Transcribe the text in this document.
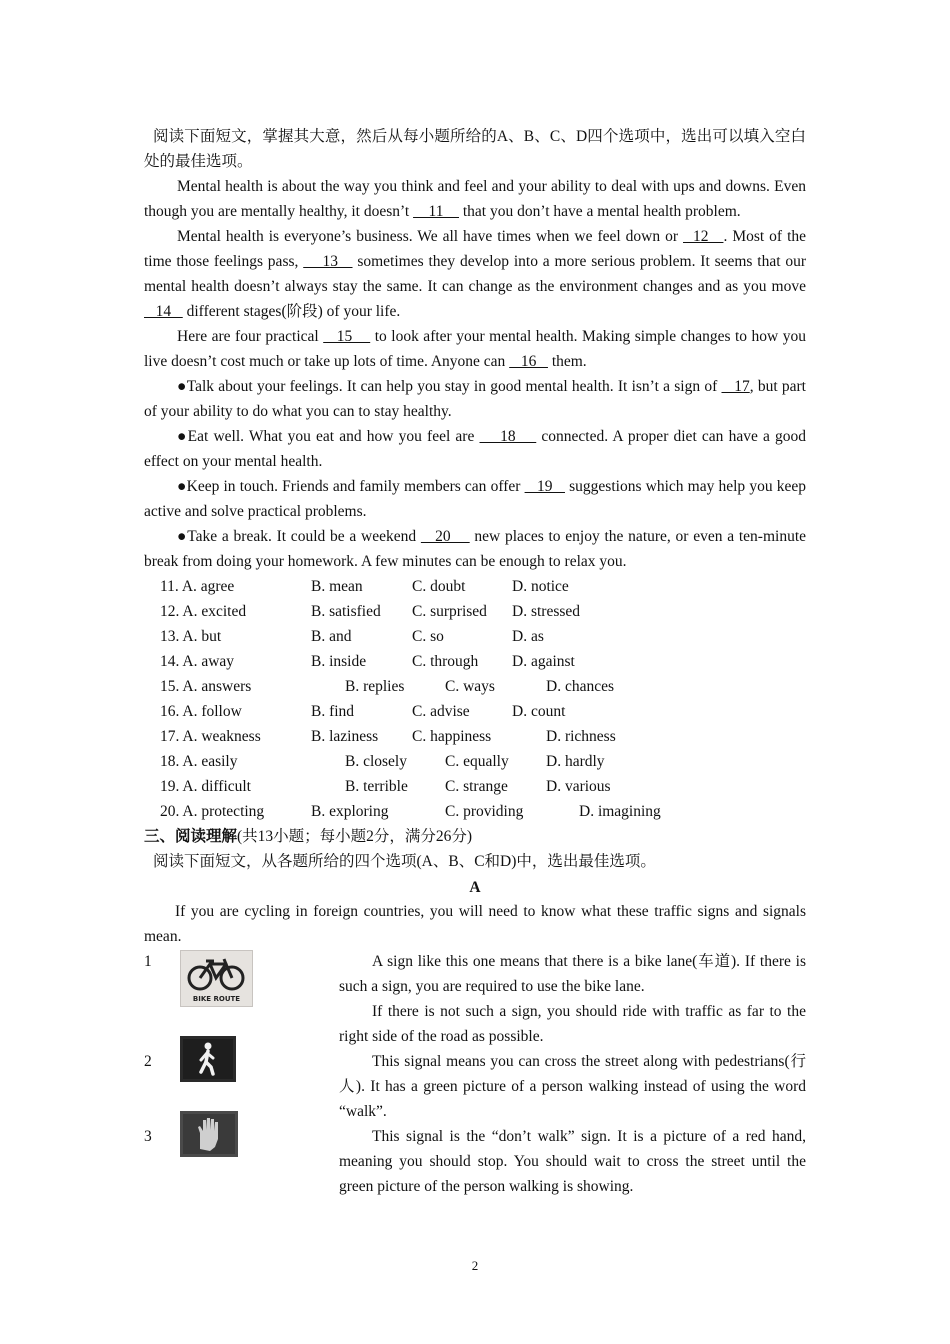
阅读下面短文，掌握其大意，然后从每小题所给的A、B、C、D四个选项中，选出可以填入空白处的最佳选项。

Mental health is about the way you think and feel and your ability to deal with ups and downs. Even though you are mentally healthy, it doesn’t     11     that you don’t have a mental health problem.

Mental health is everyone’s business. We all have times when we feel down or   12   . Most of the time those feelings pass,     13    sometimes they develop into a more serious problem. It seems that our mental health doesn’t always stay the same. It can change as the environment changes and as you move    14    different stages(阶段) of your life.

Here are four practical    15     to look after your mental health. Making simple changes to how you live doesn’t cost much or take up lots of time. Anyone can    16    them.

●Talk about your feelings. It can help you stay in good mental health. It isn’t a sign of    17, but part of your ability to do what you can to stay healthy.

●Eat well. What you eat and how you feel are     18     connected. A proper diet can have a good effect on your mental health.

●Keep in touch. Friends and family members can offer    19    suggestions which may help you keep active and solve practical problems.

●Take a break. It could be a weekend    20     new places to enjoy the nature, or even a ten-minute break from doing your homework. A few minutes can be enough to relax you.

11. A. agree	B. mean	C. doubt	D. notice
12. A. excited	B. satisfied C. surprised D. stressed
13. A. but	B. and	C. so	D. as
14. A. away	B. inside	C. through D. against
15. A. answers	B. replies	C. ways	D. chances
16. A. follow	B. find	C. advise	D. count
17. A. weakness	B. laziness C. happiness	D. richness
18. A. easily	B. closely C. equally D. hardly
19. A. difficult	B. terrible C. strange D. various
20. A. protecting	B. exploring	C. providing	D. imagining

三、阅读理解(共13小题；每小题2分，满分26分)

阅读下面短文，从各题所给的四个选项(A、B、C和D)中，选出最佳选项。

A

If you are cycling in foreign countries, you will need to know what these traffic signs and signals mean.

1
BIKE ROUTE

A sign like this one means that there is a bike lane(车道). If there is such a sign, you are required to use the bike lane.

If there is not such a sign, you should ride with traffic as far to the right side of the road as possible.

2	This signal means you can cross the street along with pedestrians(行人). It has a green picture of a person walking instead of using the word “walk”.

3	This signal is the “don’t walk” sign. It is a picture of a red hand, meaning you should stop. You should wait to cross the street until the green picture of the person walking is showing.

2
